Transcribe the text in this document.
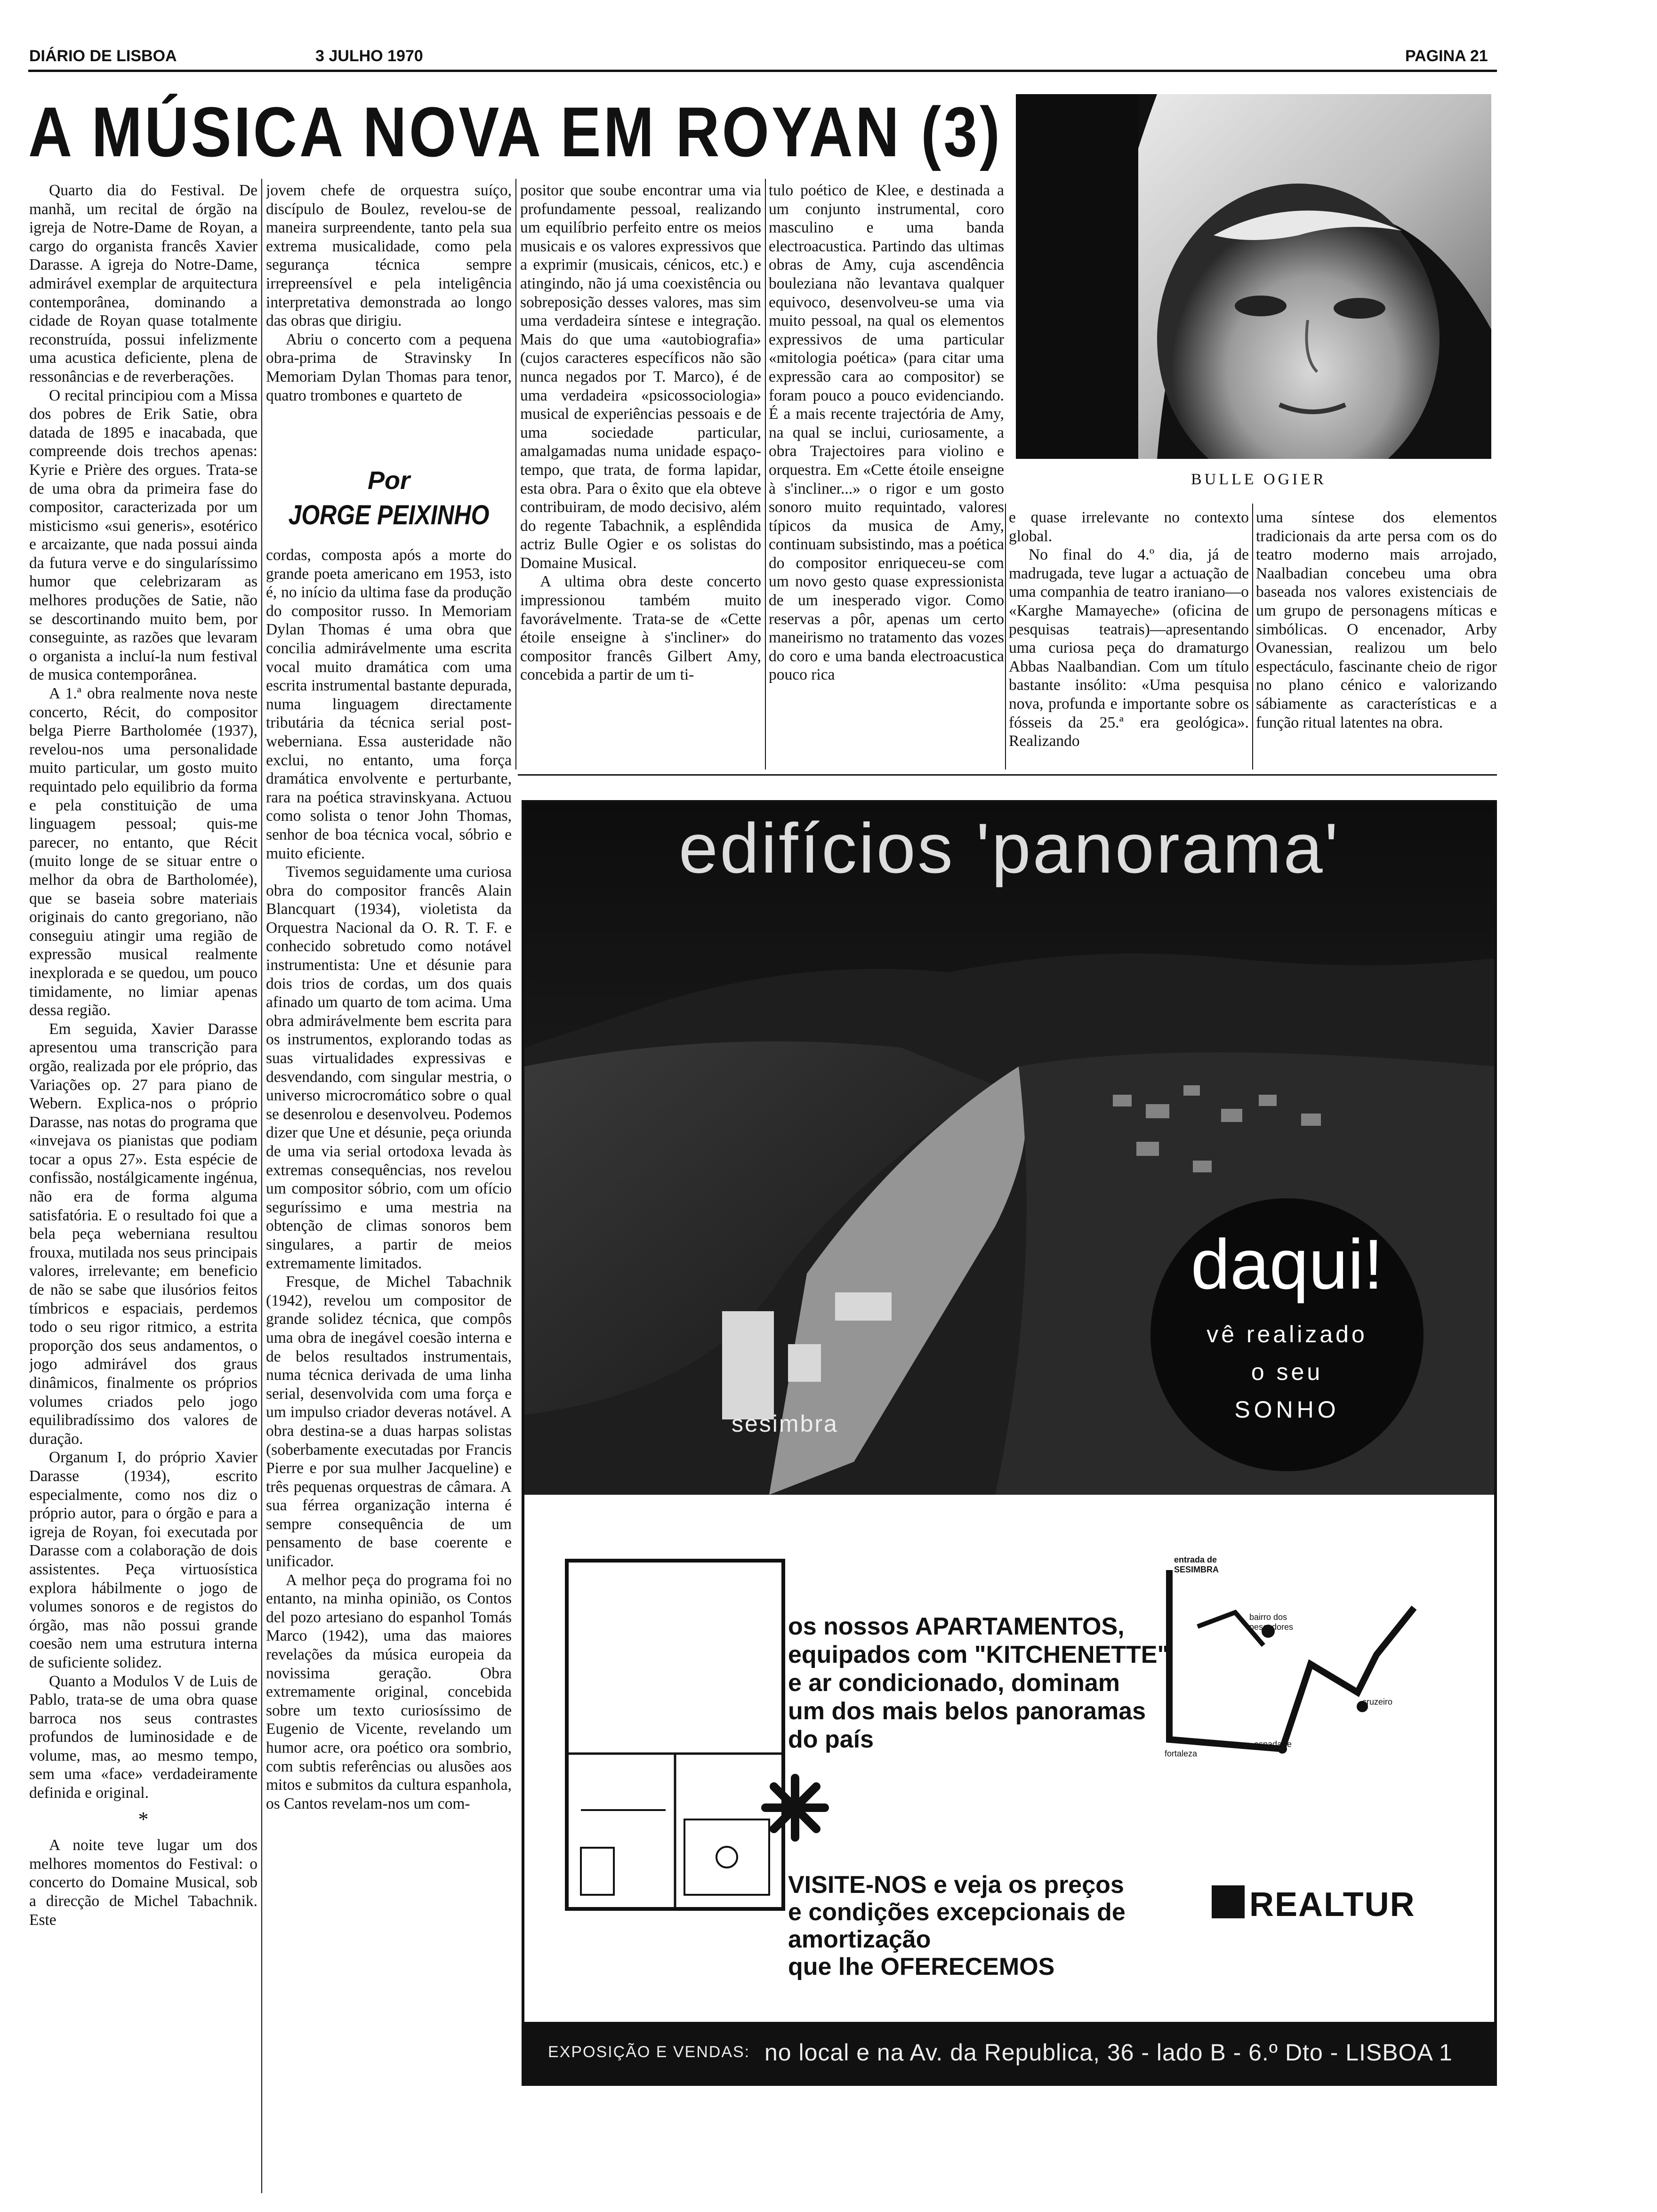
DIÁRIO DE LISBOA	3 JULHO 1970	PAGINA 21
A MÚSICA NOVA EM ROYAN (3)
BULLE OGIER

Quarto dia do Festival. De manhã, um recital de órgão na igreja de Notre-Dame de Royan, a cargo do organista francês Xavier Darasse. A igreja do Notre-Dame, admirável exemplar de arquitectura contemporânea, dominando a cidade de Royan quase totalmente reconstruída, possui infelizmente uma acustica deficiente, plena de ressonâncias e de reverberações.

O recital principiou com a Missa dos pobres de Erik Satie, obra datada de 1895 e inacabada, que compreende dois trechos apenas: Kyrie e Prière des orgues. Trata-se de uma obra da primeira fase do compositor, caracterizada por um misticismo «sui generis», esotérico e arcaizante, que nada possui ainda da futura verve e do singularíssimo humor que celebrizaram as melhores produções de Satie, não se descortinando muito bem, por conseguinte, as razões que levaram o organista a incluí-la num festival de musica contemporânea.

A 1.ª obra realmente nova neste concerto, Récit, do compositor belga Pierre Bartholomée (1937), revelou-nos uma personalidade muito particular, um gosto muito requintado pelo equilibrio da forma e pela constituição de uma linguagem pessoal; quis-me parecer, no entanto, que Récit (muito longe de se situar entre o melhor da obra de Bartholomée), que se baseia sobre materiais originais do canto gregoriano, não conseguiu atingir uma região de expressão musical realmente inexplorada e se quedou, um pouco timidamente, no limiar apenas dessa região.

Em seguida, Xavier Darasse apresentou uma transcrição para orgão, realizada por ele próprio, das Variações op. 27 para piano de Webern. Explica-nos o próprio Darasse, nas notas do programa que «invejava os pianistas que podiam tocar a opus 27». Esta espécie de confissão, nostálgicamente ingénua, não era de forma alguma satisfatória. E o resultado foi que a bela peça weberniana resultou frouxa, mutilada nos seus principais valores, irrelevante; em beneficio de não se sabe que ilusórios feitos tímbricos e espaciais, perdemos todo o seu rigor ritmico, a estrita proporção dos seus andamentos, o jogo admirável dos graus dinâmicos, finalmente os próprios volumes criados pelo jogo equilibradíssimo dos valores de duração.

Organum I, do próprio Xavier Darasse (1934), escrito especialmente, como nos diz o próprio autor, para o órgão e para a igreja de Royan, foi executada por Darasse com a colaboração de dois assistentes. Peça virtuosística explora hábilmente o jogo de volumes sonoros e de registos do órgão, mas não possui grande coesão nem uma estrutura interna de suficiente solidez.

Quanto a Modulos V de Luis de Pablo, trata-se de uma obra quase barroca nos seus contrastes profundos de luminosidade e de volume, mas, ao mesmo tempo, sem uma «face» verdadeiramente definida e original.

*

A noite teve lugar um dos melhores momentos do Festival: o concerto do Domaine Musical, sob a direcção de Michel Tabachnik. Este

jovem chefe de orquestra suíço, discípulo de Boulez, revelou-se de maneira surpreendente, tanto pela sua extrema musicalidade, como pela segurança técnica sempre irrepreensível e pela inteligência interpretativa demonstrada ao longo das obras que dirigiu.

Abriu o concerto com a pequena obra-prima de Stravinsky In Memoriam Dylan Thomas para tenor, quatro trombones e quarteto de

Por
JORGE PEIXINHO

cordas, composta após a morte do grande poeta americano em 1953, isto é, no início da ultima fase da produção do compositor russo. In Memoriam Dylan Thomas é uma obra que concilia admirávelmente uma escrita vocal muito dramática com uma escrita instrumental bastante depurada, numa linguagem directamente tributária da técnica serial post-weberniana. Essa austeridade não exclui, no entanto, uma força dramática envolvente e perturbante, rara na poética stravinskyana. Actuou como solista o tenor John Thomas, senhor de boa técnica vocal, sóbrio e muito eficiente.

Tivemos seguidamente uma curiosa obra do compositor francês Alain Blancquart (1934), violetista da Orquestra Nacional da O. R. T. F. e conhecido sobretudo como notável instrumentista: Une et désunie para dois trios de cordas, um dos quais afinado um quarto de tom acima. Uma obra admirávelmente bem escrita para os instrumentos, explorando todas as suas virtualidades expressivas e desvendando, com singular mestria, o universo microcromático sobre o qual se desenrolou e desenvolveu. Podemos dizer que Une et désunie, peça oriunda de uma via serial ortodoxa levada às extremas consequências, nos revelou um compositor sóbrio, com um ofício seguríssimo e uma mestria na obtenção de climas sonoros bem singulares, a partir de meios extremamente limitados.

Fresque, de Michel Tabachnik (1942), revelou um compositor de grande solidez técnica, que compôs uma obra de inegável coesão interna e de belos resultados instrumentais, numa técnica derivada de uma linha serial, desenvolvida com uma força e um impulso criador deveras notável. A obra destina-se a duas harpas solistas (soberbamente executadas por Francis Pierre e por sua mulher Jacqueline) e três pequenas orquestras de câmara. A sua férrea organização interna é sempre consequência de um pensamento de base coerente e unificador.

A melhor peça do programa foi no entanto, na minha opinião, os Contos del pozo artesiano do espanhol Tomás Marco (1942), uma das maiores revelações da música europeia da novissima geração. Obra extremamente original, concebida sobre um texto curiosíssimo de Eugenio de Vicente, revelando um humor acre, ora poético ora sombrio, com subtis referências ou alusões aos mitos e submitos da cultura espanhola, os Cantos revelam-nos um com-

positor que soube encontrar uma via profundamente pessoal, realizando um equilíbrio perfeito entre os meios musicais e os valores expressivos que a exprimir (musicais, cénicos, etc.) e atingindo, não já uma coexistência ou sobreposição desses valores, mas sim uma verdadeira síntese e integração. Mais do que uma «autobiografia» (cujos caracteres específicos não são nunca negados por T. Marco), é de uma verdadeira «psicossociologia» musical de experiências pessoais e de uma sociedade particular, amalgamadas numa unidade espaço-tempo, que trata, de forma lapidar, esta obra. Para o êxito que ela obteve contribuiram, de modo decisivo, além do regente Tabachnik, a esplêndida actriz Bulle Ogier e os solistas do Domaine Musical.

A ultima obra deste concerto impressionou também muito favorávelmente. Trata-se de «Cette étoile enseigne à s'incliner» do compositor francês Gilbert Amy, concebida a partir de um ti-

tulo poético de Klee, e destinada a um conjunto instrumental, coro masculino e uma banda electroacustica. Partindo das ultimas obras de Amy, cuja ascendência bouleziana não levantava qualquer equivoco, desenvolveu-se uma via muito pessoal, na qual os elementos expressivos de uma particular «mitologia poética» (para citar uma expressão cara ao compositor) se foram pouco a pouco evidenciando. É a mais recente trajectória de Amy, na qual se inclui, curiosamente, a obra Trajectoires para violino e orquestra. Em «Cette étoile enseigne à s'incliner...» o rigor e um gosto sonoro muito requintado, valores típicos da musica de Amy, continuam subsistindo, mas a poética do compositor enriqueceu-se com um novo gesto quase expressionista de um inesperado vigor. Como reservas a pôr, apenas um certo maneirismo no tratamento das vozes do coro e uma banda electroacustica pouco rica

e quase irrelevante no contexto global.

No final do 4.º dia, já de madrugada, teve lugar a actuação de uma companhia de teatro iraniano—o «Karghe Mamayeche» (oficina de pesquisas teatrais)—apresentando uma curiosa peça do dramaturgo Abbas Naalbandian. Com um título bastante insólito: «Uma pesquisa nova, profunda e importante sobre os fósseis da 25.ª era geológica». Realizando

uma síntese dos elementos tradicionais da arte persa com os do teatro moderno mais arrojado, Naalbadian concebeu uma obra baseada nos valores existenciais de um grupo de personagens míticas e simbólicas. O encenador, Arby Ovanessian, realizou um belo espectáculo, fascinante cheio de rigor no plano cénico e valorizando sábiamente as características e a função ritual latentes na obra.

edifícios 'panorama'
sesimbra
daqui!
vê realizado
o seu
SONHO
os nossos APARTAMENTOS,
equipados com "KITCHENETTE"
e ar condicionado, dominam
um dos mais belos panoramas
do país
VISITE-NOS e veja os preços
e condições excepcionais de
amortização
que lhe OFERECEMOS
entrada de SESIMBRA
bairro dos pescadores
cruzeiro
espadarte
fortaleza
REALTUR
EXPOSIÇÃO E VENDAS: no local e na Av. da Republica, 36 - lado B - 6.º Dto - LISBOA 1
